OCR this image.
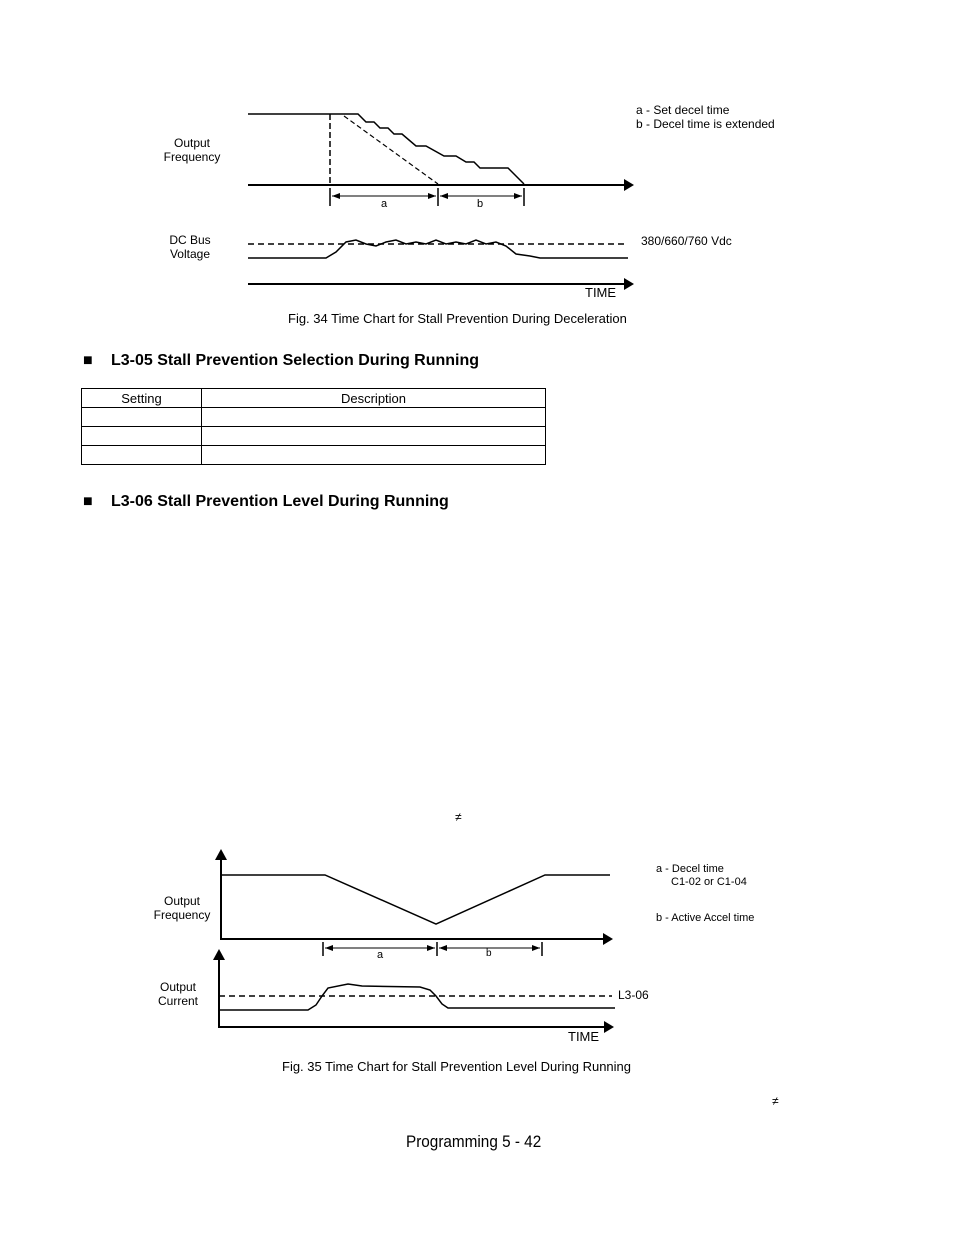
Output
Frequency
DC Bus
Voltage
a - Set decel time
b - Decel time is extended
a	b
380/660/760 Vdc
TIME
Fig. 34 Time Chart for Stall Prevention During Deceleration
■ L3-05 Stall Prevention Selection During Running
Setting	Description

■ L3-06 Stall Prevention Level During Running
≠
Output
Frequency
Output
Current
a - Decel time
C1-02 or C1-04
b - Active Accel time
a	b
L3-06
TIME
Fig. 35 Time Chart for Stall Prevention Level During Running
≠
Programming 5 - 42
